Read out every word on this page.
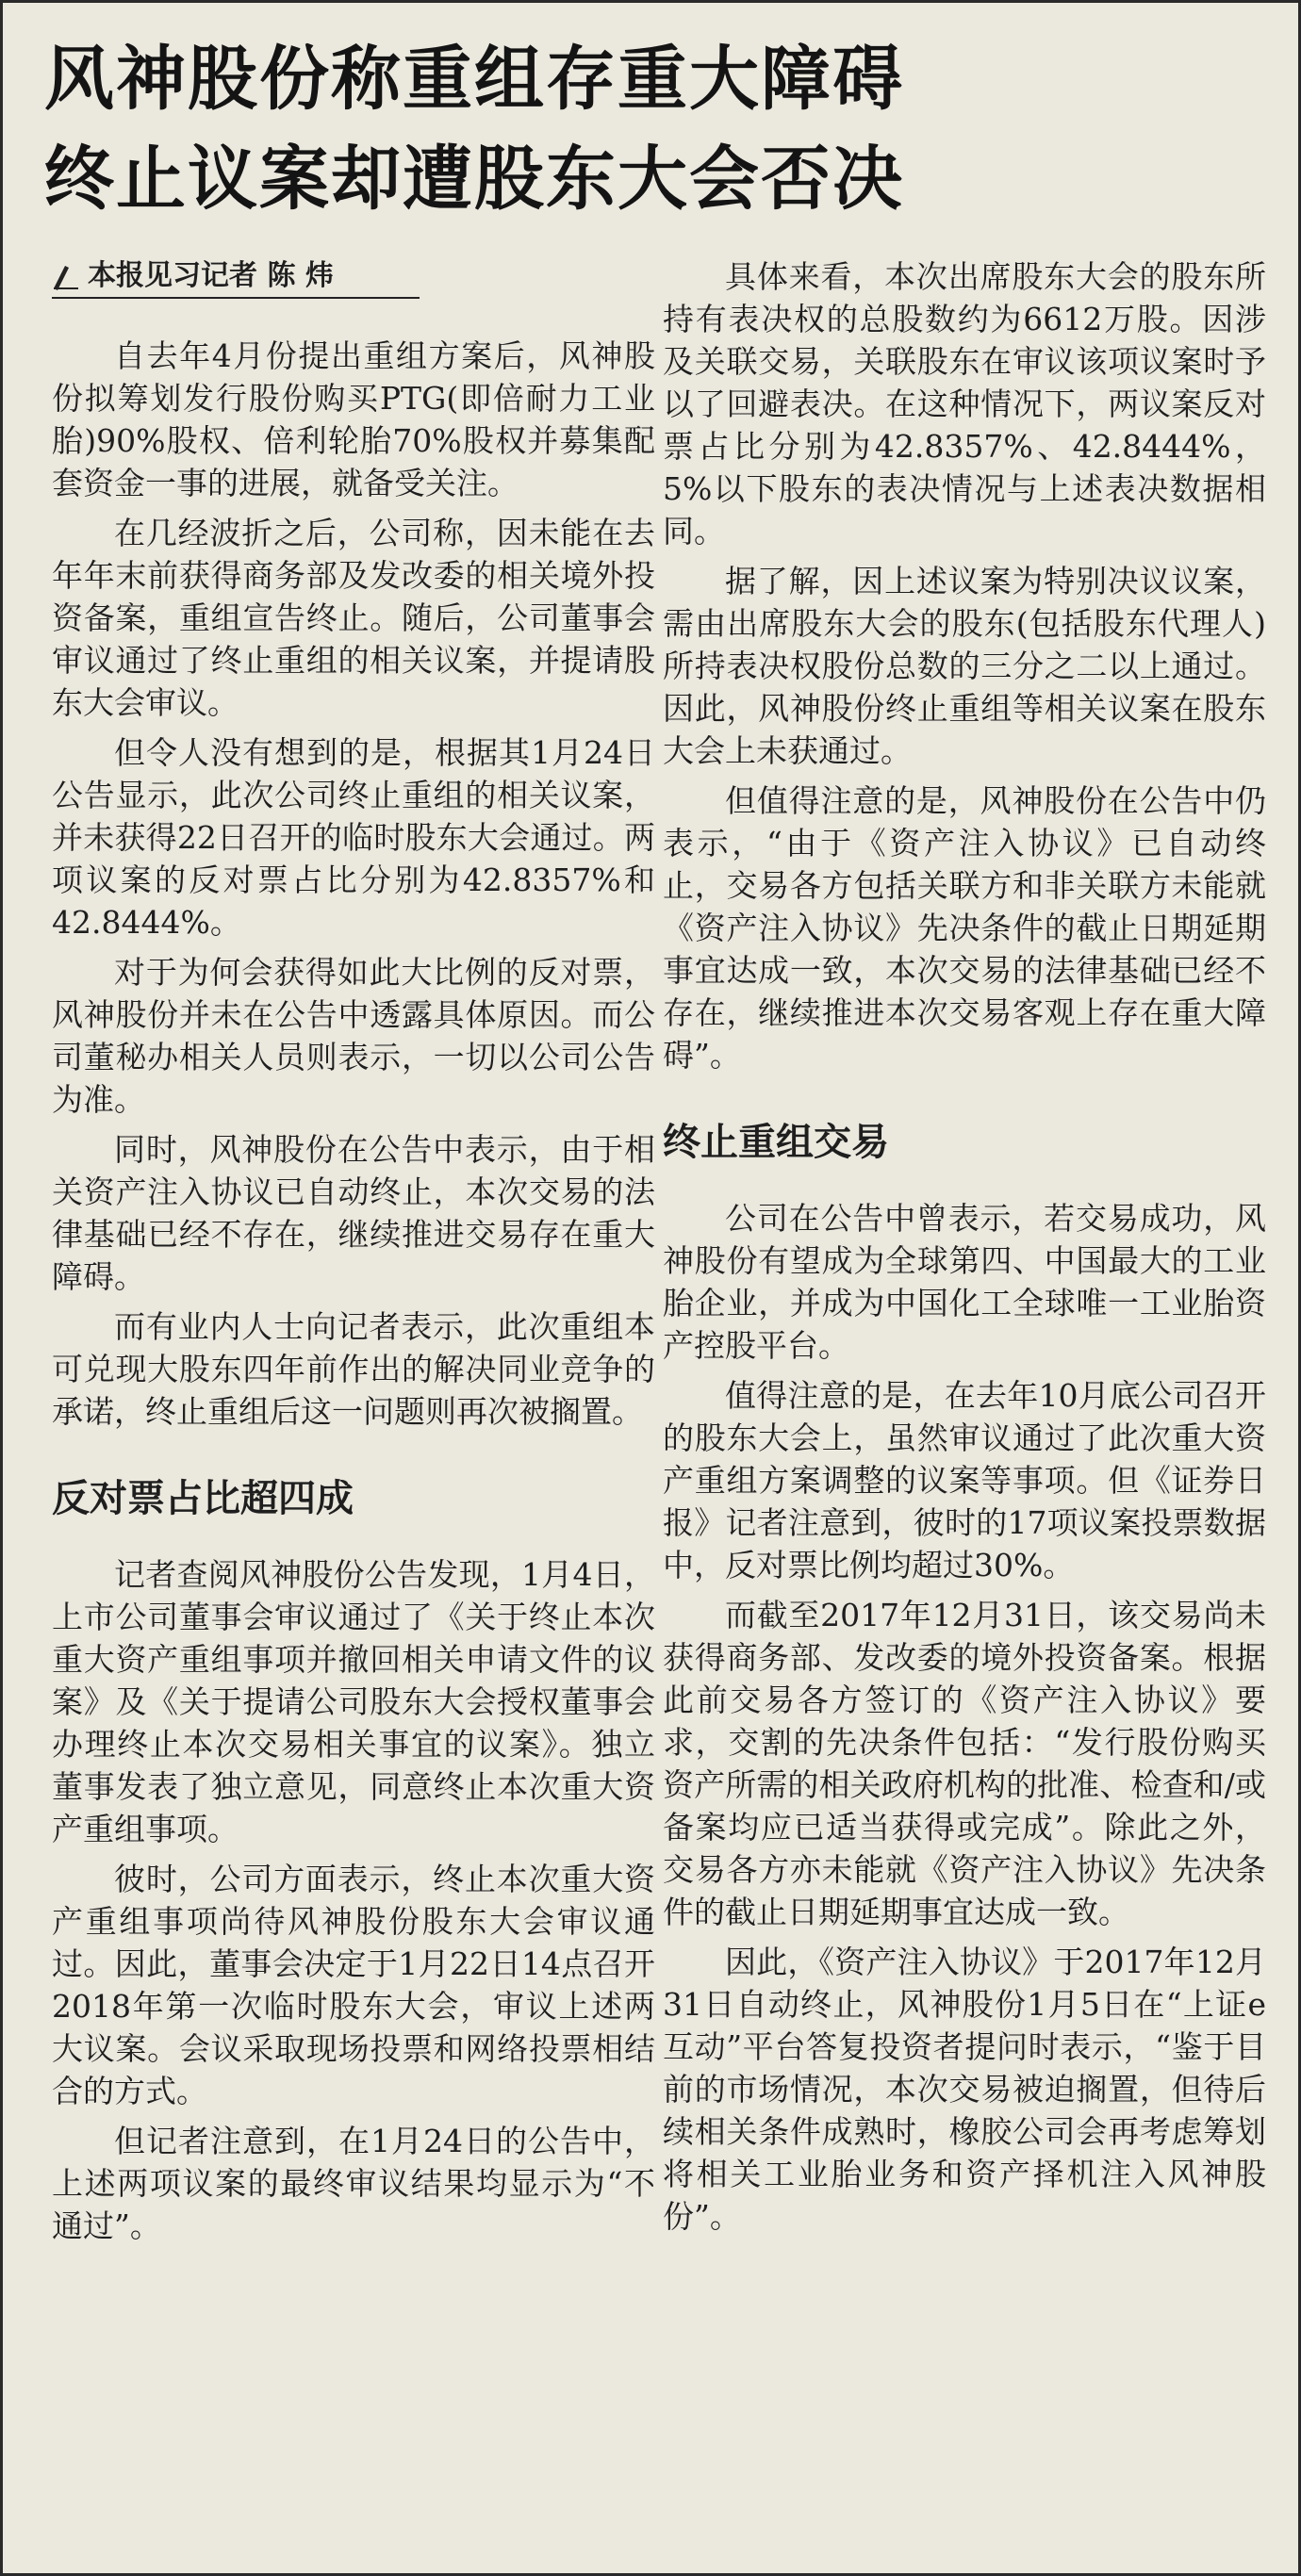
风神股份称重组存重大障碍
终止议案却遭股东大会否决
本报见习记者 陈 炜

自去年4月份提出重组方案后，风神股份拟筹划发行股份购买PTG(即倍耐力工业胎)90%股权、倍利轮胎70%股权并募集配套资金一事的进展，就备受关注。

在几经波折之后，公司称，因未能在去年年末前获得商务部及发改委的相关境外投资备案，重组宣告终止。随后，公司董事会审议通过了终止重组的相关议案，并提请股东大会审议。

但令人没有想到的是，根据其1月24日公告显示，此次公司终止重组的相关议案，并未获得22日召开的临时股东大会通过。两项议案的反对票占比分别为42.8357%和42.8444%。

对于为何会获得如此大比例的反对票，风神股份并未在公告中透露具体原因。而公司董秘办相关人员则表示，一切以公司公告为准。

同时，风神股份在公告中表示，由于相关资产注入协议已自动终止，本次交易的法律基础已经不存在，继续推进交易存在重大障碍。

而有业内人士向记者表示，此次重组本可兑现大股东四年前作出的解决同业竞争的承诺，终止重组后这一问题则再次被搁置。

反对票占比超四成

记者查阅风神股份公告发现，1月4日，上市公司董事会审议通过了《关于终止本次重大资产重组事项并撤回相关申请文件的议案》及《关于提请公司股东大会授权董事会办理终止本次交易相关事宜的议案》。独立董事发表了独立意见，同意终止本次重大资产重组事项。

彼时，公司方面表示，终止本次重大资产重组事项尚待风神股份股东大会审议通过。因此，董事会决定于1月22日14点召开2018年第一次临时股东大会，审议上述两大议案。会议采取现场投票和网络投票相结合的方式。

但记者注意到，在1月24日的公告中，上述两项议案的最终审议结果均显示为“不通过”。

具体来看，本次出席股东大会的股东所持有表决权的总股数约为6612万股。因涉及关联交易，关联股东在审议该项议案时予以了回避表决。在这种情况下，两议案反对票占比分别为42.8357%、42.8444%，5%以下股东的表决情况与上述表决数据相同。

据了解，因上述议案为特别决议议案，需由出席股东大会的股东(包括股东代理人)所持表决权股份总数的三分之二以上通过。因此，风神股份终止重组等相关议案在股东大会上未获通过。

但值得注意的是，风神股份在公告中仍表示，“由于《资产注入协议》已自动终止，交易各方包括关联方和非关联方未能就《资产注入协议》先决条件的截止日期延期事宜达成一致，本次交易的法律基础已经不存在，继续推进本次交易客观上存在重大障碍”。

终止重组交易

公司在公告中曾表示，若交易成功，风神股份有望成为全球第四、中国最大的工业胎企业，并成为中国化工全球唯一工业胎资产控股平台。

值得注意的是，在去年10月底公司召开的股东大会上，虽然审议通过了此次重大资产重组方案调整的议案等事项。但《证券日报》记者注意到，彼时的17项议案投票数据中，反对票比例均超过30%。

而截至2017年12月31日，该交易尚未获得商务部、发改委的境外投资备案。根据此前交易各方签订的《资产注入协议》要求，交割的先决条件包括：“发行股份购买资产所需的相关政府机构的批准、检查和/或备案均应已适当获得或完成”。除此之外，交易各方亦未能就《资产注入协议》先决条件的截止日期延期事宜达成一致。

因此，《资产注入协议》于2017年12月31日自动终止，风神股份1月5日在“上证e互动”平台答复投资者提问时表示，“鉴于目前的市场情况，本次交易被迫搁置，但待后续相关条件成熟时，橡胶公司会再考虑筹划将相关工业胎业务和资产择机注入风神股份”。
